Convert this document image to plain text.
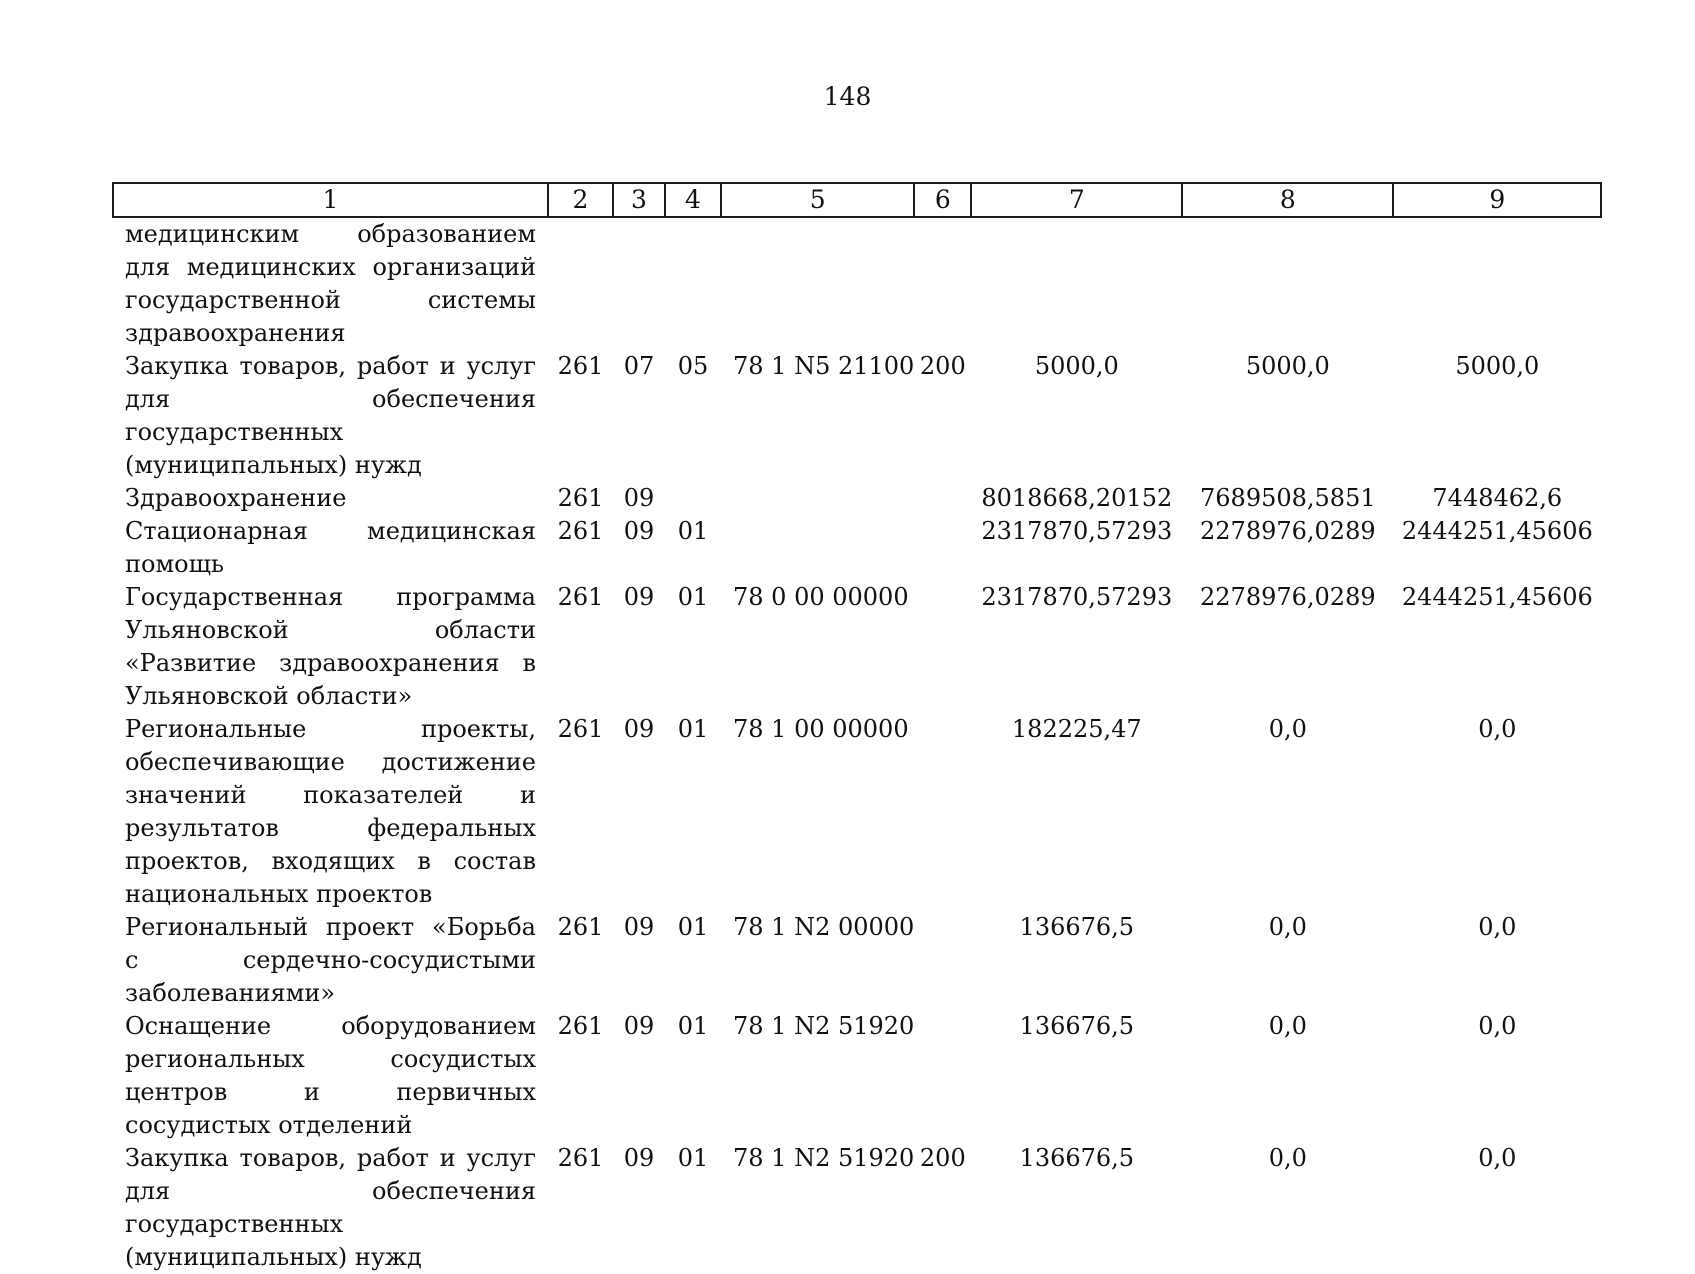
148
1	2	3	4	5	6	7	8	9
медицинским образованием для медицинских организаций государственной системы здравоохранения								
Закупка товаров, работ и услуг для обеспечения государственных (муниципальных) нужд	261	07	05	78 1 N5 21100	200	5000,0	5000,0	5000,0
Здравоохранение	261	09				8018668,20152	7689508,5851	7448462,6
Стационарная медицинская помощь	261	09	01			2317870,57293	2278976,0289	2444251,45606
Государственная программа Ульяновской области «Развитие здравоохранения в Ульяновской области»	261	09	01	78 0 00 00000		2317870,57293	2278976,0289	2444251,45606
Региональные проекты, обеспечивающие достижение значений показателей и результатов федеральных проектов, входящих в состав национальных проектов	261	09	01	78 1 00 00000		182225,47	0,0	0,0
Региональный проект «Борьба с сердечно-сосудистыми заболеваниями»	261	09	01	78 1 N2 00000		136676,5	0,0	0,0
Оснащение оборудованием региональных сосудистых центров и первичных сосудистых отделений	261	09	01	78 1 N2 51920		136676,5	0,0	0,0
Закупка товаров, работ и услуг для обеспечения государственных (муниципальных) нужд	261	09	01	78 1 N2 51920	200	136676,5	0,0	0,0
